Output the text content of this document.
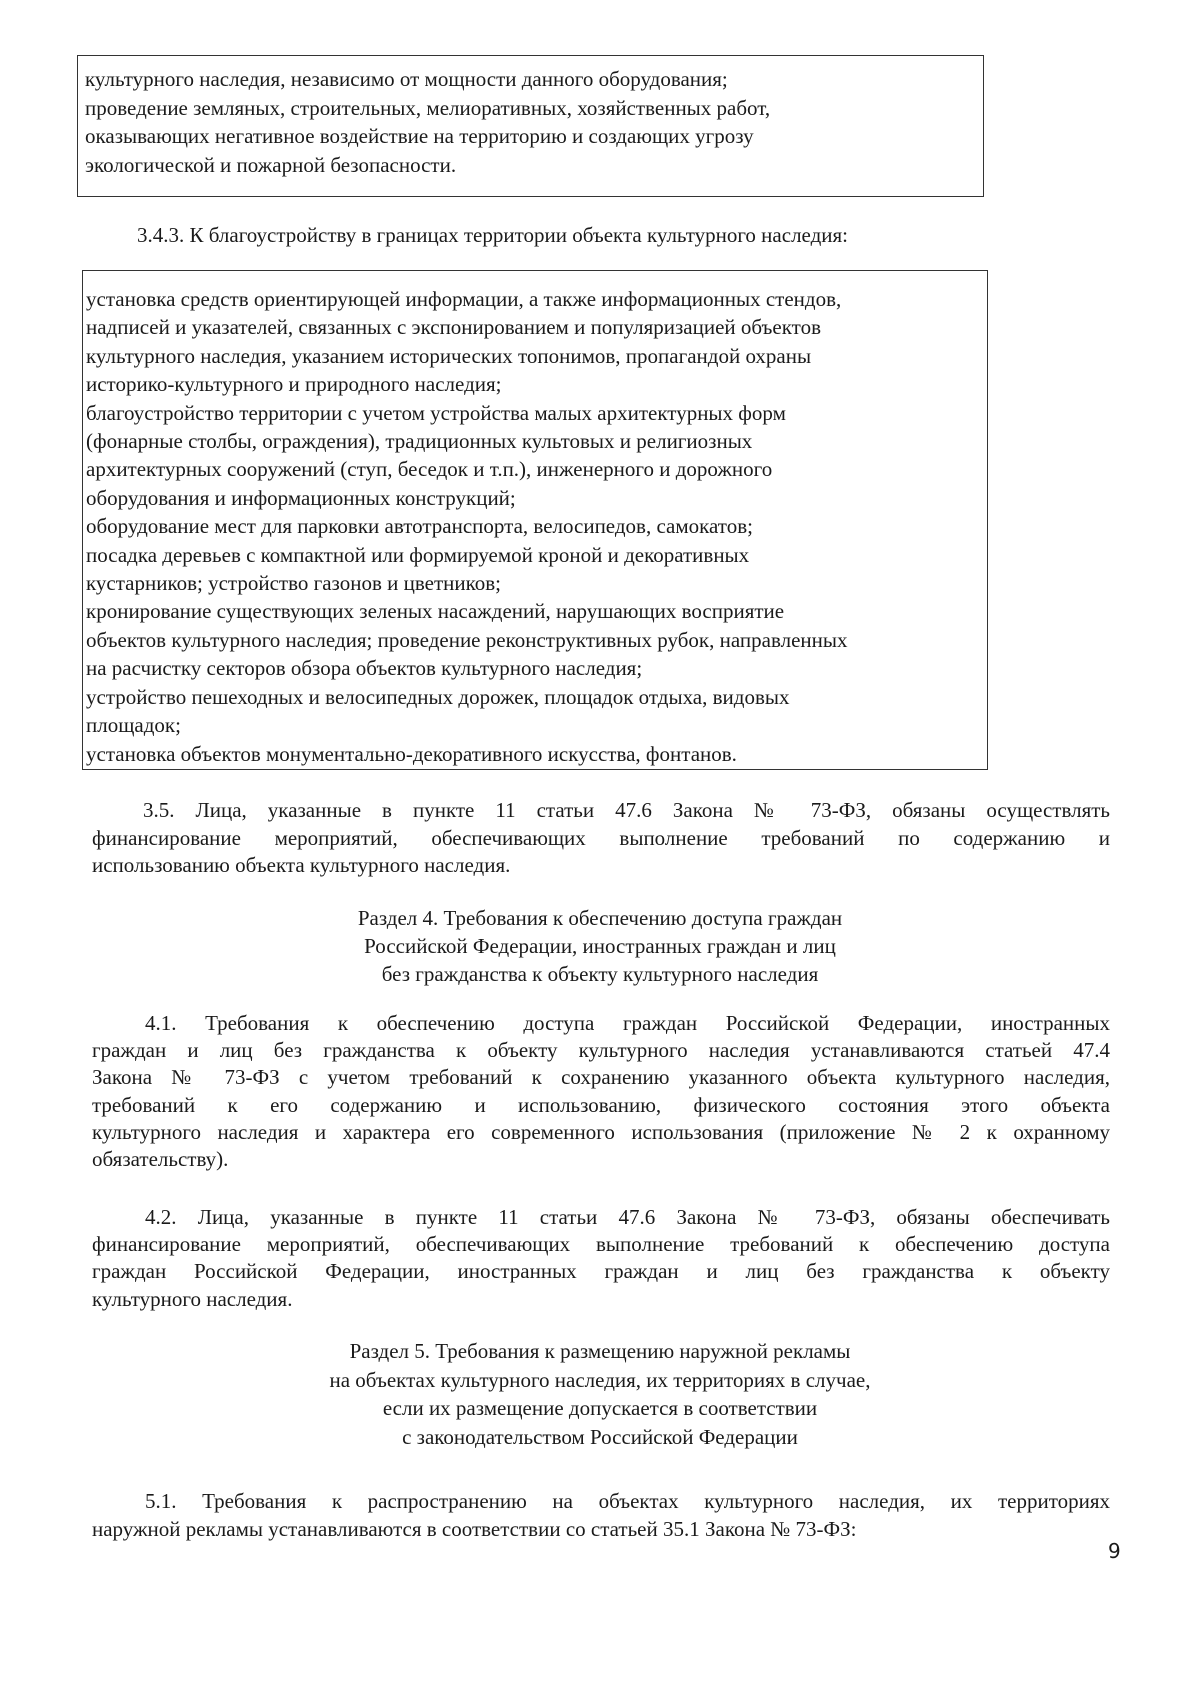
культурного наследия, независимо от мощности данного оборудования;
проведение земляных, строительных, мелиоративных, хозяйственных работ,
оказывающих негативное воздействие на территорию и создающих угрозу
экологической и пожарной безопасности.
3.4.3. К благоустройству в границах территории объекта культурного наследия:
установка средств ориентирующей информации, а также информационных стендов,
надписей и указателей, связанных с экспонированием и популяризацией объектов
культурного наследия, указанием исторических топонимов, пропагандой охраны
историко-культурного и природного наследия;
благоустройство территории с учетом устройства малых архитектурных форм
(фонарные столбы, ограждения), традиционных культовых и религиозных
архитектурных сооружений (ступ, беседок и т.п.), инженерного и дорожного
оборудования и информационных конструкций;
оборудование мест для парковки автотранспорта, велосипедов, самокатов;
посадка деревьев с компактной или формируемой кроной и декоративных
кустарников; устройство газонов и цветников;
кронирование существующих зеленых насаждений, нарушающих восприятие
объектов культурного наследия; проведение реконструктивных рубок, направленных
на расчистку секторов обзора объектов культурного наследия;
устройство пешеходных и велосипедных дорожек, площадок отдыха, видовых
площадок;
установка объектов монументально-декоративного искусства, фонтанов.
3.5. Лица, указанные в пункте 11 статьи 47.6 Закона № 73-ФЗ, обязаны осуществлять
финансирование мероприятий, обеспечивающих выполнение требований по содержанию и
использованию объекта культурного наследия.
Раздел 4. Требования к обеспечению доступа граждан
Российской Федерации, иностранных граждан и лиц
без гражданства к объекту культурного наследия
4.1. Требования к обеспечению доступа граждан Российской Федерации, иностранных
граждан и лиц без гражданства к объекту культурного наследия устанавливаются статьей 47.4
Закона № 73-ФЗ с учетом требований к сохранению указанного объекта культурного наследия,
требований к его содержанию и использованию, физического состояния этого объекта
культурного наследия и характера его современного использования (приложение № 2 к охранному
обязательству).
4.2. Лица, указанные в пункте 11 статьи 47.6 Закона № 73-ФЗ, обязаны обеспечивать
финансирование мероприятий, обеспечивающих выполнение требований к обеспечению доступа
граждан Российской Федерации, иностранных граждан и лиц без гражданства к объекту
культурного наследия.
Раздел 5. Требования к размещению наружной рекламы
на объектах культурного наследия, их территориях в случае,
если их размещение допускается в соответствии
с законодательством Российской Федерации
5.1. Требования к распространению на объектах культурного наследия, их территориях
наружной рекламы устанавливаются в соответствии со статьей 35.1 Закона № 73-ФЗ:
9
